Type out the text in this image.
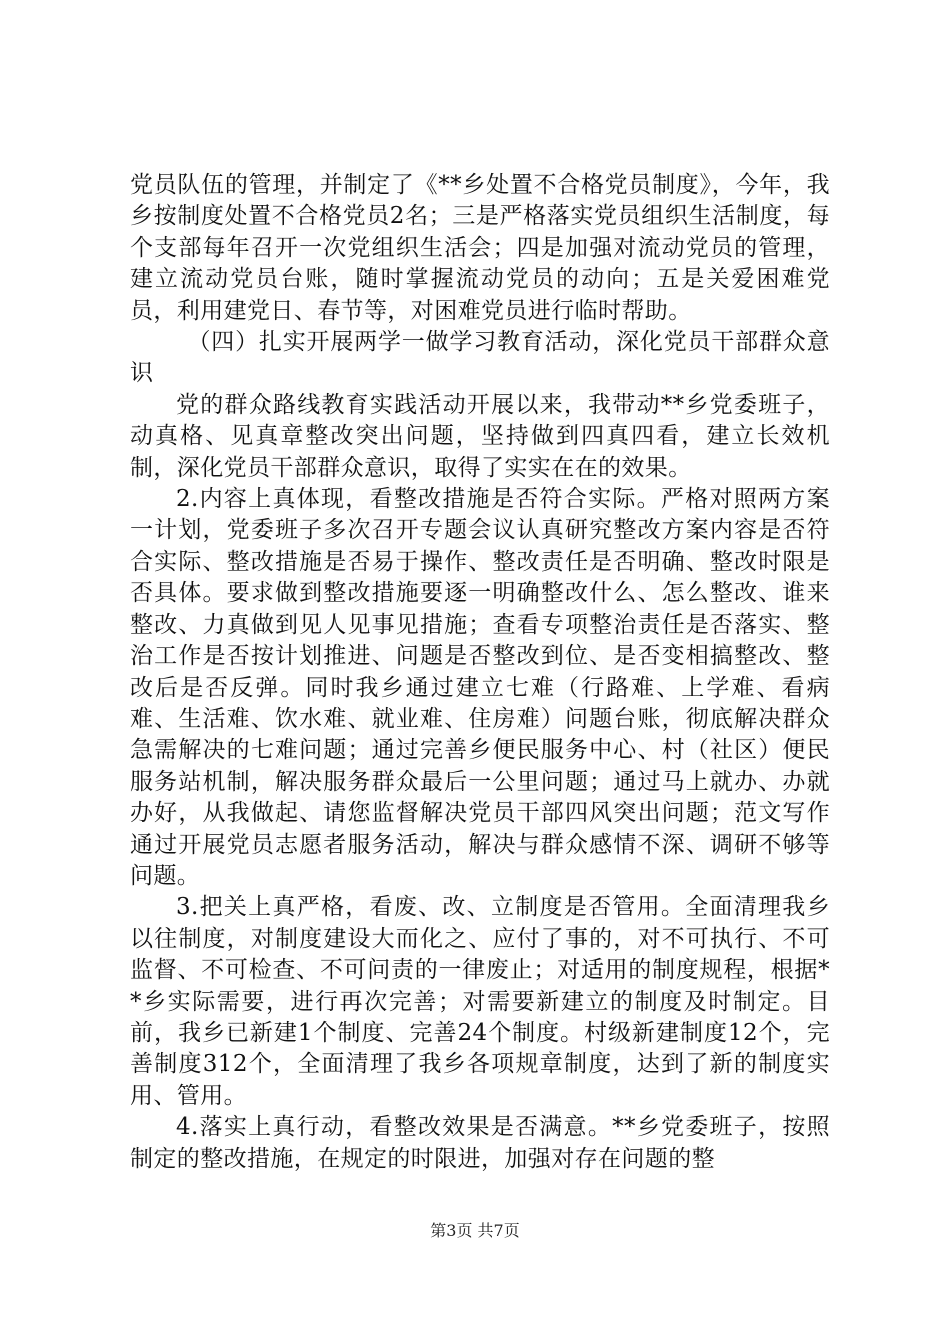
党员队伍的管理，并制定了《**乡处置不合格党员制度》，今年，我乡按制度处置不合格党员2名；三是严格落实党员组织生活制度，每个支部每年召开一次党组织生活会；四是加强对流动党员的管理，建立流动党员台账，随时掌握流动党员的动向；五是关爱困难党员，利用建党日、春节等，对困难党员进行临时帮助。

（四）扎实开展两学一做学习教育活动，深化党员干部群众意识

党的群众路线教育实践活动开展以来，我带动**乡党委班子，动真格、见真章整改突出问题，坚持做到四真四看，建立长效机制，深化党员干部群众意识，取得了实实在在的效果。

2.内容上真体现，看整改措施是否符合实际。严格对照两方案一计划，党委班子多次召开专题会议认真研究整改方案内容是否符合实际、整改措施是否易于操作、整改责任是否明确、整改时限是否具体。要求做到整改措施要逐一明确整改什么、怎么整改、谁来整改、力真做到见人见事见措施；查看专项整治责任是否落实、整治工作是否按计划推进、问题是否整改到位、是否变相搞整改、整改后是否反弹。同时我乡通过建立七难（行路难、上学难、看病难、生活难、饮水难、就业难、住房难）问题台账，彻底解决群众急需解决的七难问题；通过完善乡便民服务中心、村（社区）便民服务站机制，解决服务群众最后一公里问题；通过马上就办、办就办好，从我做起、请您监督解决党员干部四风突出问题；范文写作通过开展党员志愿者服务活动，解决与群众感情不深、调研不够等问题。

3.把关上真严格，看废、改、立制度是否管用。全面清理我乡以往制度，对制度建设大而化之、应付了事的，对不可执行、不可监督、不可检查、不可问责的一律废止；对适用的制度规程，根据**乡实际需要，进行再次完善；对需要新建立的制度及时制定。目前，我乡已新建1个制度、完善24个制度。村级新建制度12个，完善制度312个，全面清理了我乡各项规章制度，达到了新的制度实用、管用。

4.落实上真行动，看整改效果是否满意。**乡党委班子，按照制定的整改措施，在规定的时限进，加强对存在问题的整

第3页 共7页
